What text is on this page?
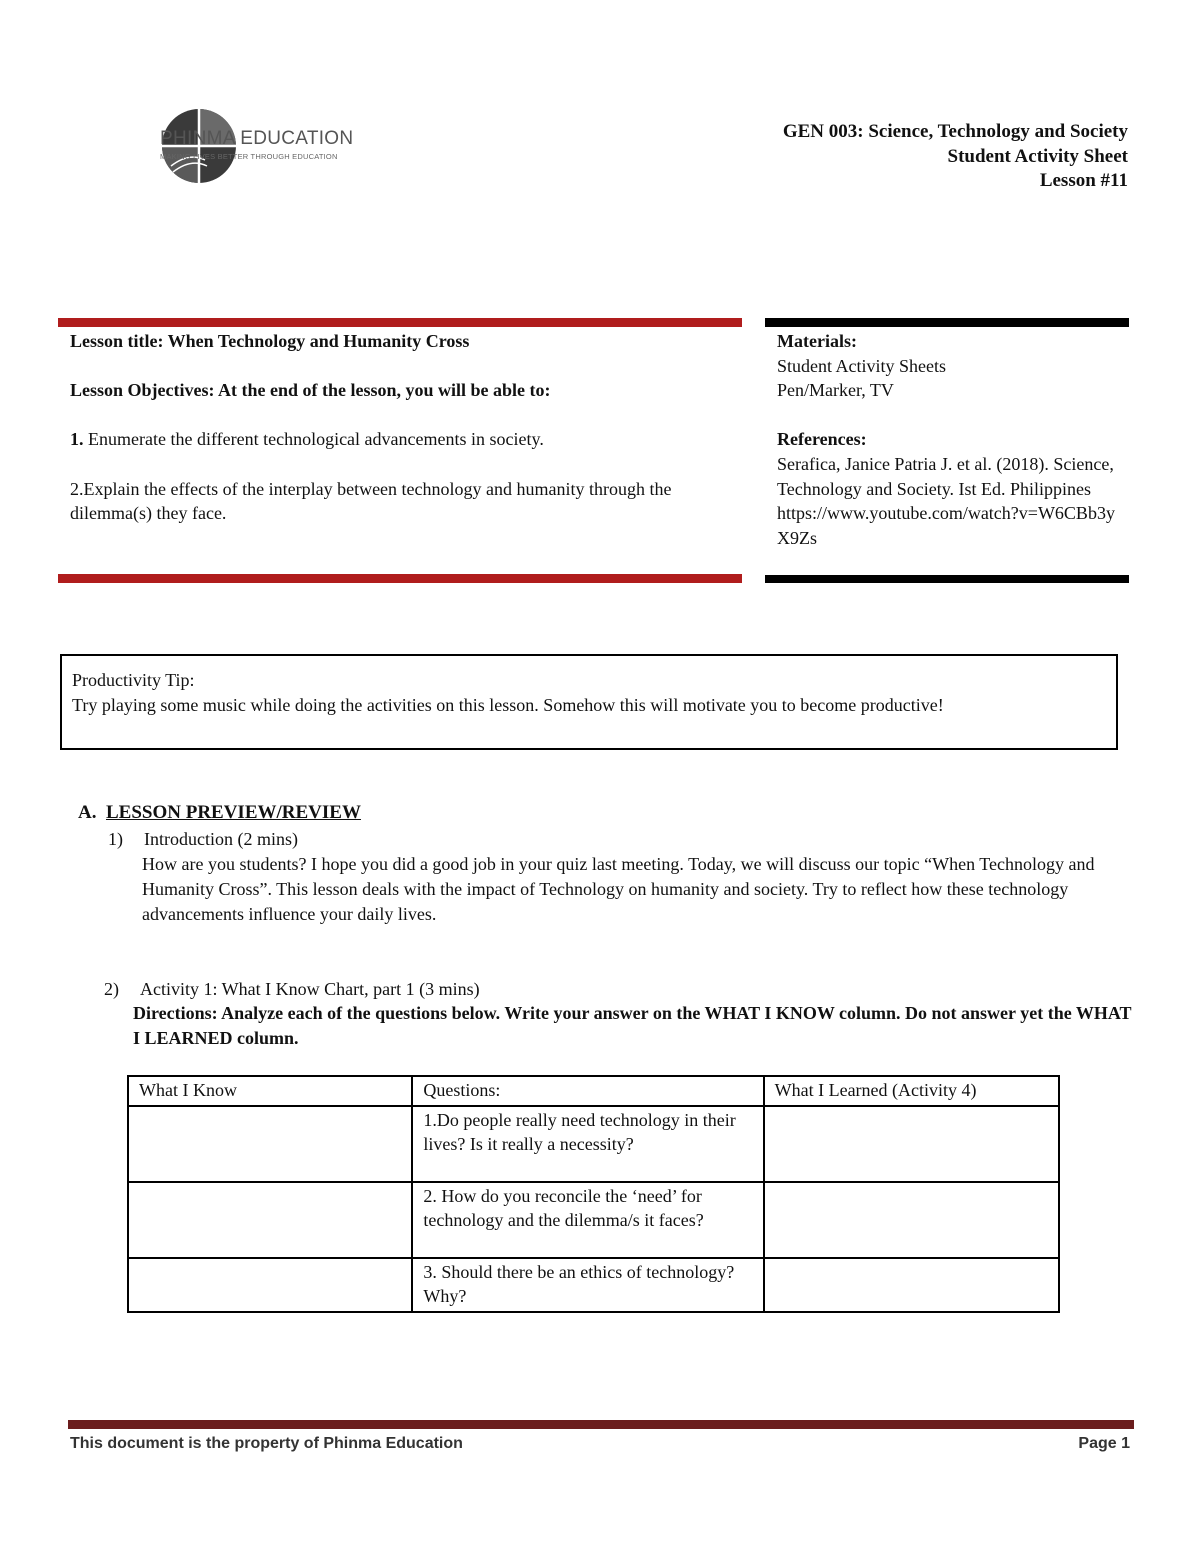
PHINMA EDUCATION
MAKING LIVES BETTER THROUGH EDUCATION
GEN 003: Science, Technology and Society
Student Activity Sheet
Lesson #11
Lesson title: When Technology and Humanity Cross
Lesson Objectives: At the end of the lesson, you will be able to:
1. Enumerate the different technological advancements in society.
2.Explain the effects of the interplay between technology and humanity through the dilemma(s) they face.
Materials:
Student Activity Sheets
Pen/Marker, TV
References:
Serafica, Janice Patria J. et al. (2018). Science, Technology and Society. Ist Ed. Philippines
https://www.youtube.com/watch?v=W6CBb3yX9Zs
Productivity Tip:
Try playing some music while doing the activities on this lesson. Somehow this will motivate you to become productive!
A. LESSON PREVIEW/REVIEW
1) Introduction (2 mins)
How are you students? I hope you did a good job in your quiz last meeting. Today, we will discuss our topic “When Technology and Humanity Cross”. This lesson deals with the impact of Technology on humanity and society. Try to reflect how these technology advancements influence your daily lives.
2) Activity 1: What I Know Chart, part 1 (3 mins)
Directions: Analyze each of the questions below. Write your answer on the WHAT I KNOW column. Do not answer yet the WHAT I LEARNED column.
What I Know	Questions:	What I Learned (Activity 4)
	1.Do people really need technology in their lives? Is it really a necessity?	
	2. How do you reconcile the ‘need’ for technology and the dilemma/s it faces?	
	3. Should there be an ethics of technology? Why?	
This document is the property of Phinma Education	Page 1
